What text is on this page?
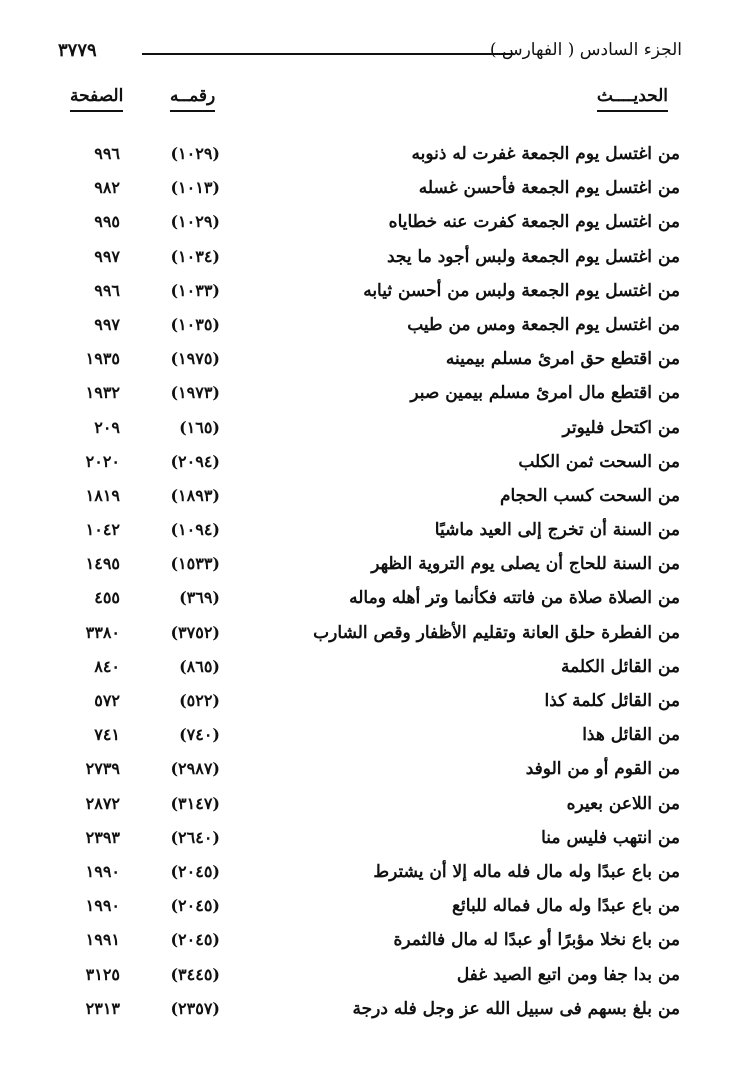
الجزء السادس ( الفهارس )
٣٧٧٩
الحديــــث
رقمــه
الصفحة
من اغتسل يوم الجمعة غفرت له ذنوبه
(١٠٢٩)
٩٩٦
من اغتسل يوم الجمعة فأحسن غسله
(١٠١٣)
٩٨٢
من اغتسل يوم الجمعة كفرت عنه خطاياه
(١٠٢٩)
٩٩٥
من اغتسل يوم الجمعة ولبس أجود ما يجد
(١٠٣٤)
٩٩٧
من اغتسل يوم الجمعة ولبس من أحسن ثيابه
(١٠٣٣)
٩٩٦
من اغتسل يوم الجمعة ومس من طيب
(١٠٣٥)
٩٩٧
من اقتطع حق امرئ مسلم بيمينه
(١٩٧٥)
١٩٣٥
من اقتطع مال امرئ مسلم بيمين صبر
(١٩٧٣)
١٩٣٢
من اكتحل فليوتر
(١٦٥)
٢٠٩
من السحت ثمن الكلب
(٢٠٩٤)
٢٠٢٠
من السحت كسب الحجام
(١٨٩٣)
١٨١٩
من السنة أن تخرج إلى العيد ماشيًا
(١٠٩٤)
١٠٤٢
من السنة للحاج أن يصلى يوم التروية الظهر
(١٥٣٣)
١٤٩٥
من الصلاة صلاة من فاتته فكأنما وتر أهله وماله
(٣٦٩)
٤٥٥
من الفطرة حلق العانة وتقليم الأظفار وقص الشارب
(٣٧٥٢)
٣٣٨٠
من القائل الكلمة
(٨٦٥)
٨٤٠
من القائل كلمة كذا
(٥٢٢)
٥٧٢
من القائل هذا
(٧٤٠)
٧٤١
من القوم أو من الوفد
(٢٩٨٧)
٢٧٣٩
من اللاعن بعيره
(٣١٤٧)
٢٨٧٢
من انتهب فليس منا
(٢٦٤٠)
٢٣٩٣
من باع عبدًا وله مال فله ماله إلا أن يشترط
(٢٠٤٥)
١٩٩٠
من باع عبدًا وله مال فماله للبائع
(٢٠٤٥)
١٩٩٠
من باع نخلا مؤبرًا أو عبدًا له مال فالثمرة
(٢٠٤٥)
١٩٩١
من بدا جفا ومن اتبع الصيد غفل
(٣٤٤٥)
٣١٢٥
من بلغ بسهم فى سبيل الله عز وجل فله درجة
(٢٣٥٧)
٢٣١٣
